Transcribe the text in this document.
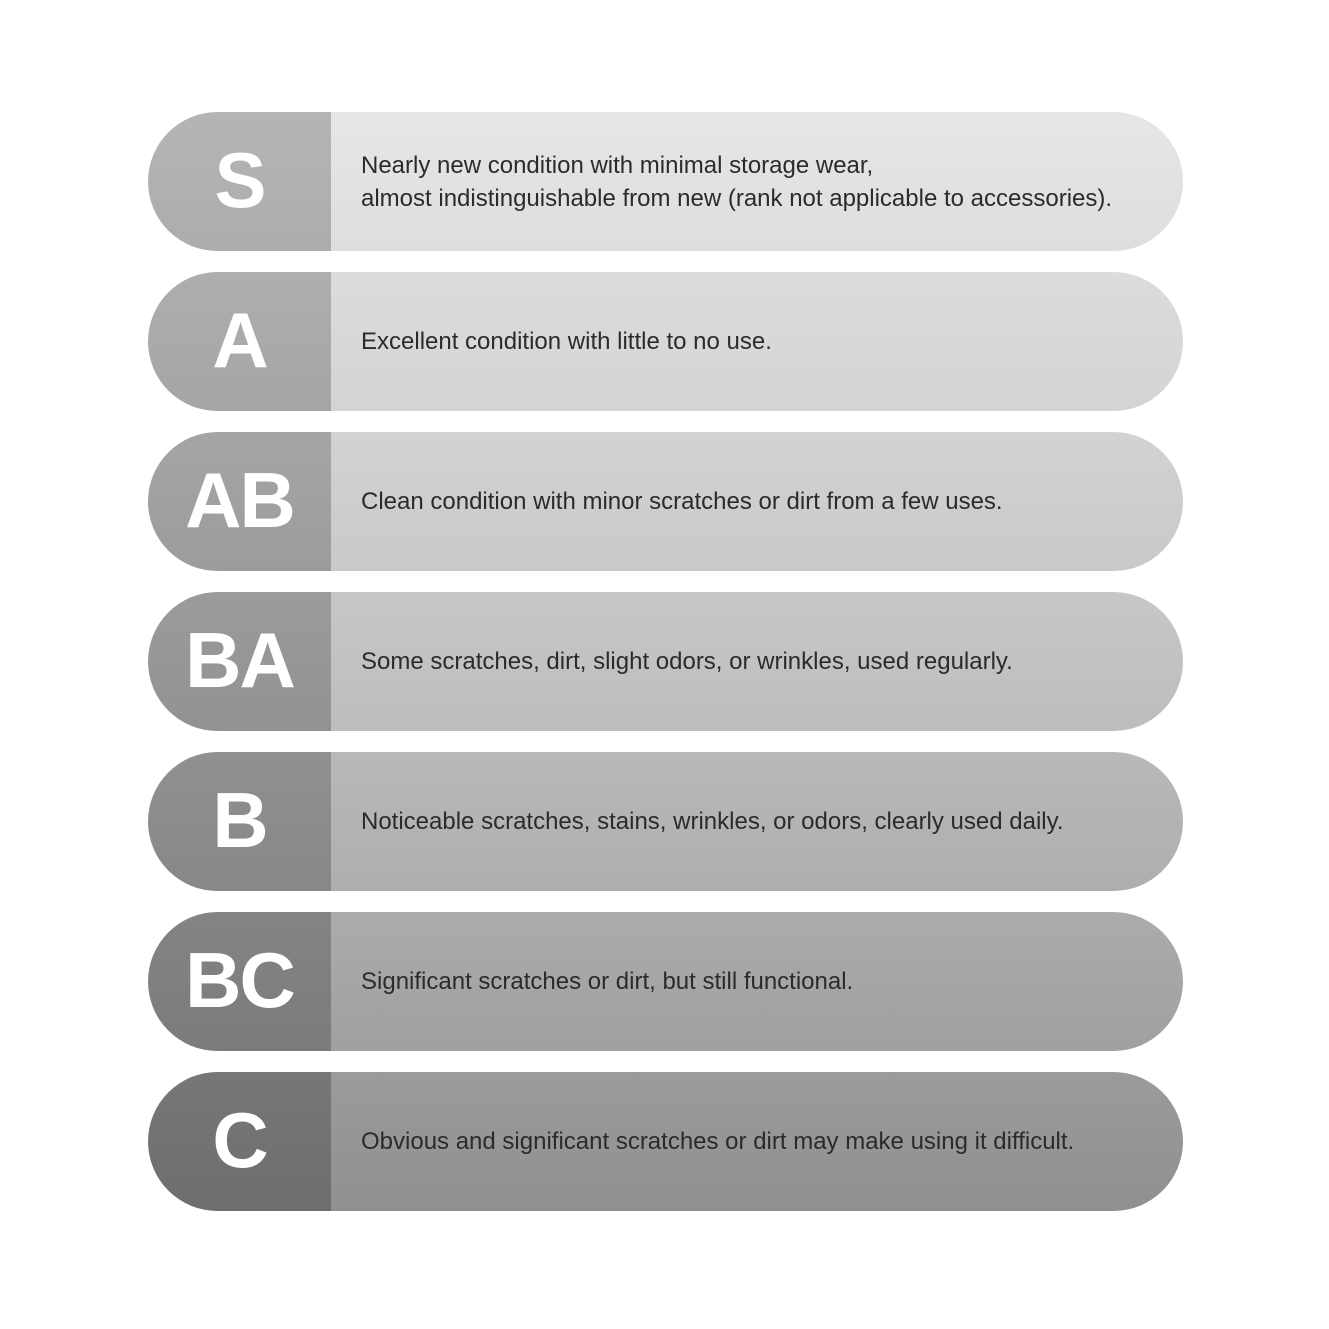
S	Nearly new condition with minimal storage wear,
almost indistinguishable from new (rank not applicable to accessories).

A	Excellent condition with little to no use.

AB	Clean condition with minor scratches or dirt from a few uses.

BA	Some scratches, dirt, slight odors, or wrinkles, used regularly.

B	Noticeable scratches, stains, wrinkles, or odors, clearly used daily.

BC	Significant scratches or dirt, but still functional.

C	Obvious and significant scratches or dirt may make using it difficult.
